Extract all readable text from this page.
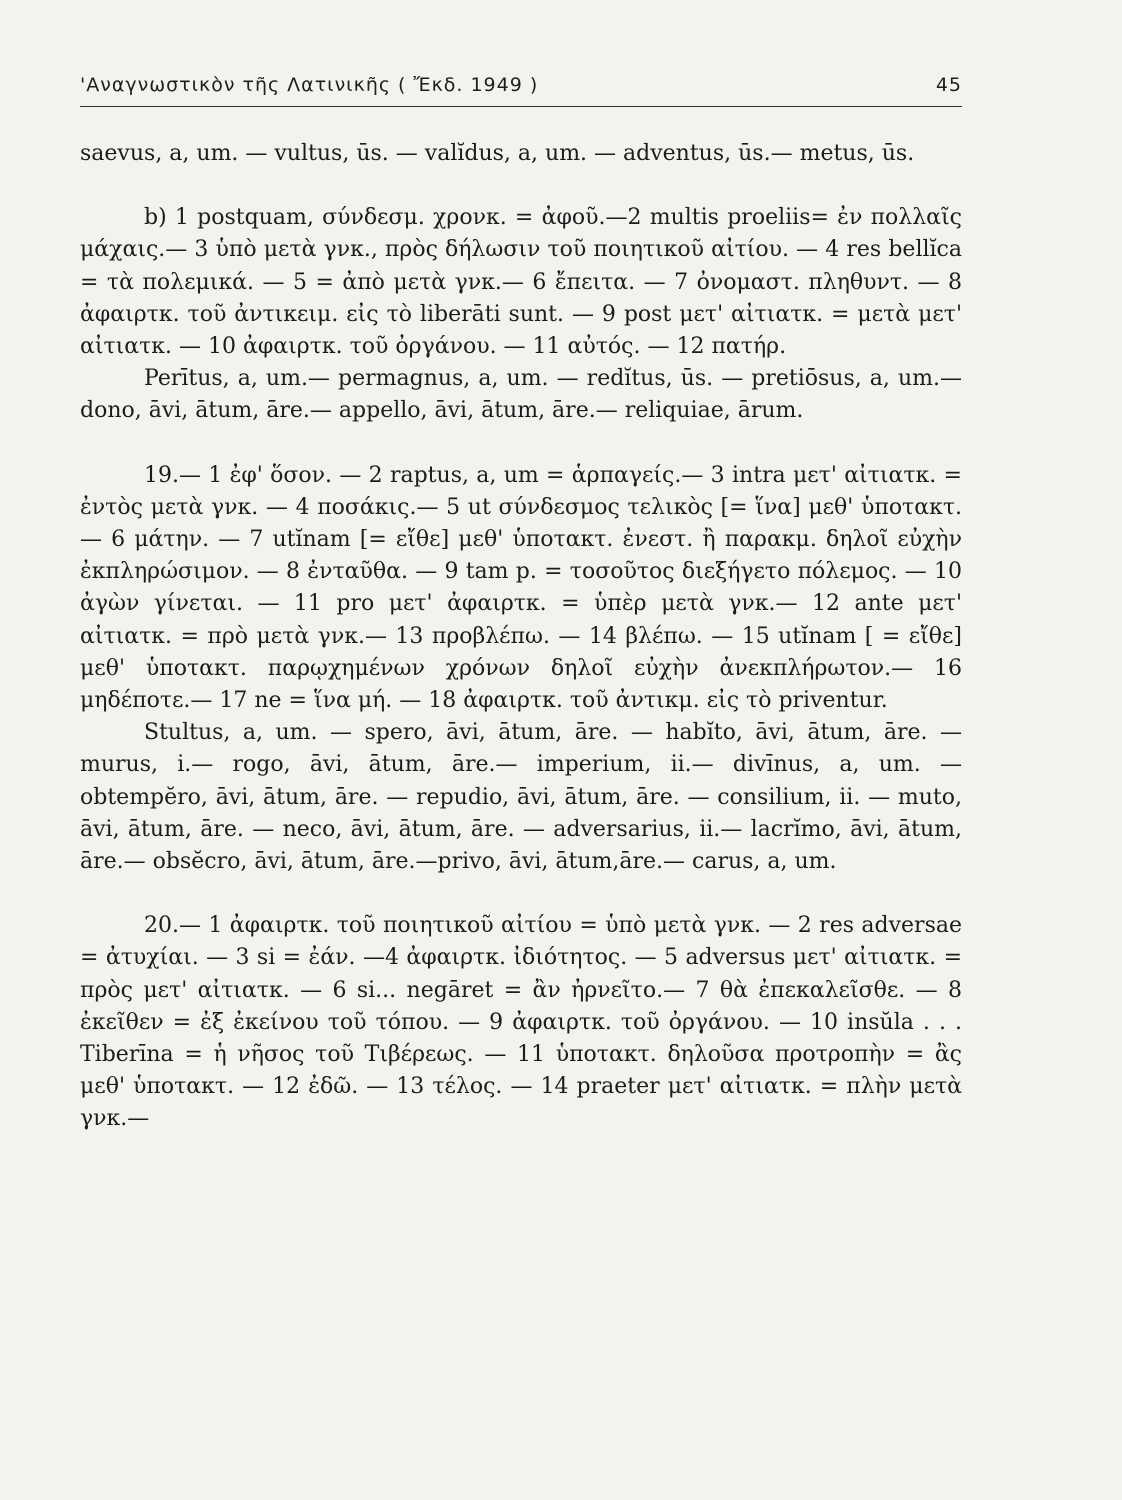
'Αναγνωστικὸν τῆς Λατινικῆς ( Ἔκδ. 1949 )	45

saevus, a, um. — vultus, ūs. — valĭdus, a, um. — adventus, ūs.— metus, ūs.

b) 1 postquam, σύνδεσμ. χρονκ. = ἀφοῦ.—2 multis proeliis= ἐν πολλαῖς μάχαις.— 3 ὑπὸ μετὰ γνκ., πρὸς δήλωσιν τοῦ ποιητικοῦ αἰτίου. — 4 res bellĭca = τὰ πολεμικά. — 5 = ἀπὸ μετὰ γνκ.— 6 ἔπειτα. — 7 ὀνομαστ. πληθυντ. — 8 ἀφαιρτκ. τοῦ ἀντικειμ. εἰς τὸ liberāti sunt. — 9 post μετ' αἰτιατκ. = μετὰ μετ' αἰτιατκ. — 10 ἀφαιρτκ. τοῦ ὀργάνου. — 11 αὐτός. — 12 πατήρ.

Perītus, a, um.— permagnus, a, um. — redĭtus, ūs. — pretiōsus, a, um.— dono, āvi, ātum, āre.— appello, āvi, ātum, āre.— reliquiae, ārum.

19.— 1 ἐφ' ὅσον. — 2 raptus, a, um = ἁρπαγείς.— 3 intra μετ' αἰτιατκ. = ἐντὸς μετὰ γνκ. — 4 ποσάκις.— 5 ut σύνδεσμος τελικὸς [= ἵνα] μεθ' ὑποτακτ. — 6 μάτην. — 7 utĭnam [= εἴθε] μεθ' ὑποτακτ. ἐνεστ. ἢ παρακμ. δηλοῖ εὐχὴν ἐκπληρώσιμον. — 8 ἐνταῦθα. — 9 tam p. = τοσοῦτος διεξήγετο πόλεμος. — 10 ἀγὼν γίνεται. — 11 pro μετ' ἀφαιρτκ. = ὑπὲρ μετὰ γνκ.— 12 ante μετ' αἰτιατκ. = πρὸ μετὰ γνκ.— 13 προβλέπω. — 14 βλέπω. — 15 utĭnam [ = εἴθε] μεθ' ὑποτακτ. παρῳχημένων χρόνων δηλοῖ εὐχὴν ἀνεκπλήρωτον.— 16 μηδέποτε.— 17 ne = ἵνα μή. — 18 ἀφαιρτκ. τοῦ ἀντικμ. εἰς τὸ priventur.

Stultus, a, um. — spero, āvi, ātum, āre. — habĭto, āvi, ātum, āre. — murus, i.— rogo, āvi, ātum, āre.— imperium, ii.— divīnus, a, um. — obtempĕro, āvi, ātum, āre. — repudio, āvi, ātum, āre. — consilium, ii. — muto, āvi, ātum, āre. — neco, āvi, ātum, āre. — adversarius, ii.— lacrĭmo, āvi, ātum, āre.— obsĕcro, āvi, ātum, āre.—privo, āvi, ātum,āre.— carus, a, um.

20.— 1 ἀφαιρτκ. τοῦ ποιητικοῦ αἰτίου = ὑπὸ μετὰ γνκ. — 2 res adversae = ἀτυχίαι. — 3 si = ἐάν. —4 ἀφαιρτκ. ἰδιότητος. — 5 adversus μετ' αἰτιατκ. = πρὸς μετ' αἰτιατκ. — 6 si... negāret = ἂν ἠρνεῖτο.— 7 θὰ ἐπεκαλεῖσθε. — 8 ἐκεῖθεν = ἐξ ἐκείνου τοῦ τόπου. — 9 ἀφαιρτκ. τοῦ ὀργάνου. — 10 insŭla . . . Tiberīna = ἡ νῆσος τοῦ Τιβέρεως. — 11 ὑποτακτ. δηλοῦσα προτροπὴν = ἂς μεθ' ὑποτακτ. — 12 ἐδῶ. — 13 τέλος. — 14 praeter μετ' αἰτιατκ. = πλὴν μετὰ γνκ.—
